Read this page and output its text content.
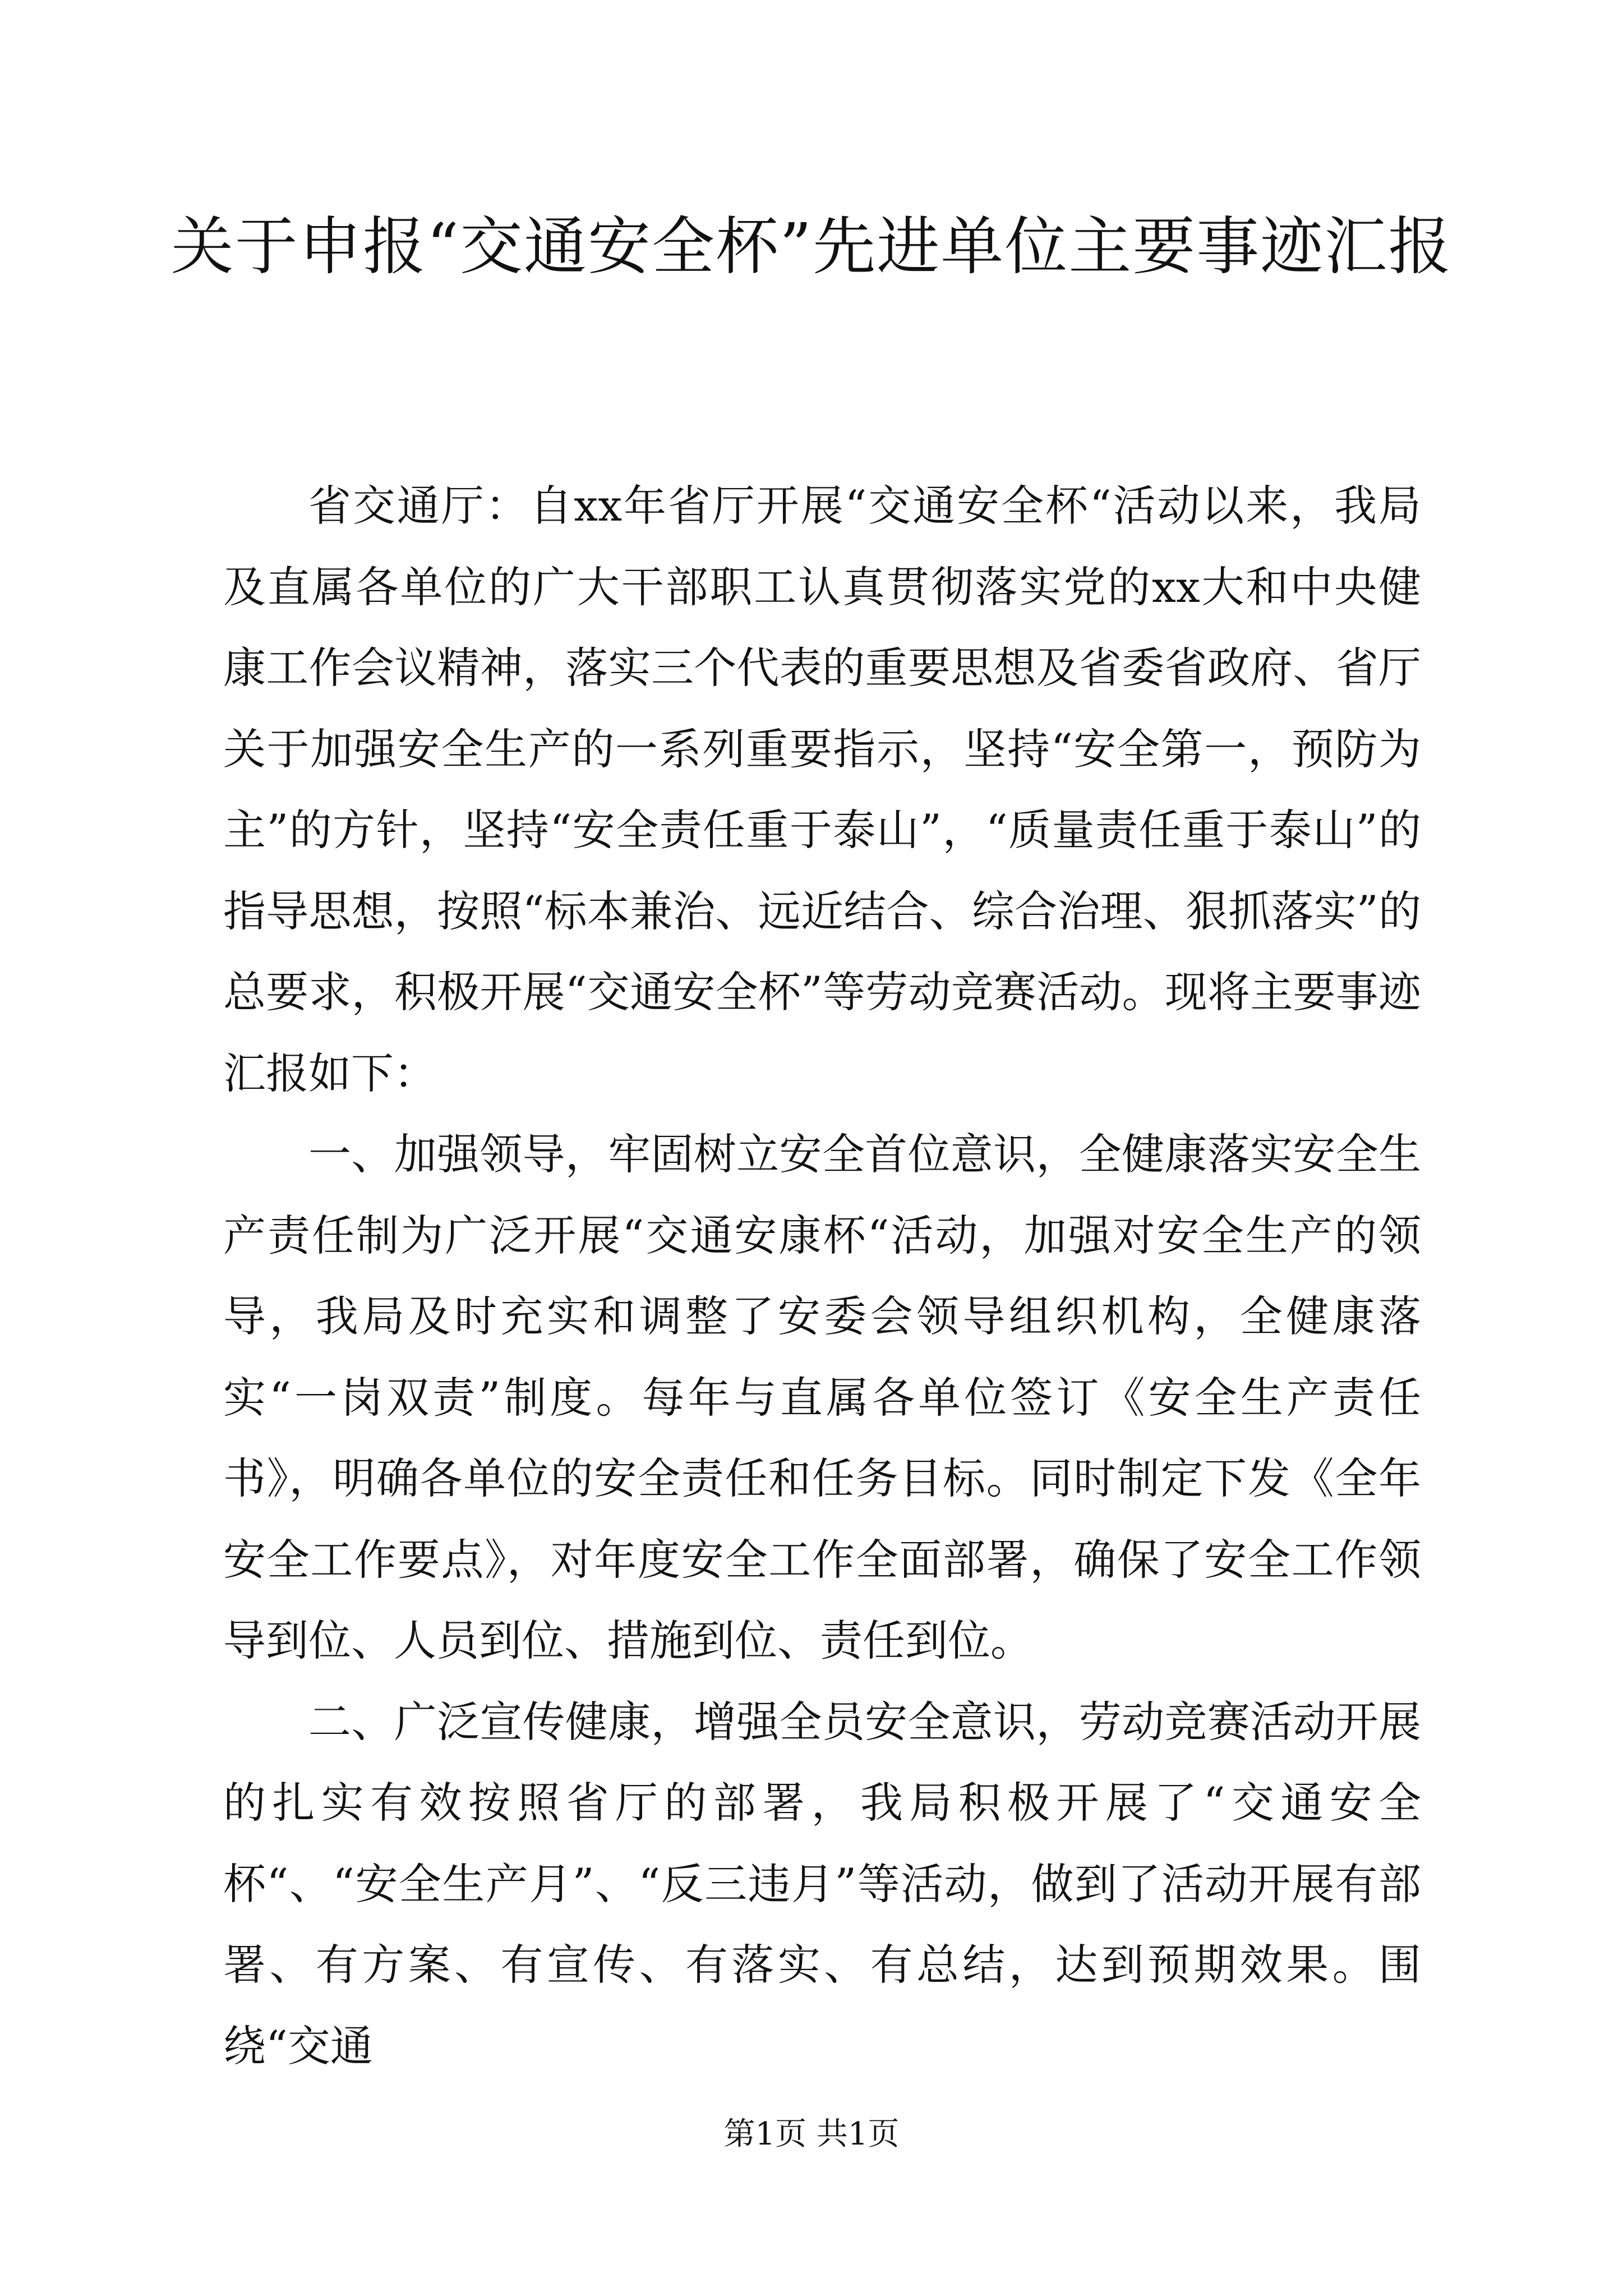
关于申报“交通安全杯”先进单位主要事迹汇报

省交通厅：自xx年省厅开展“交通安全杯“活动以来，我局及直属各单位的广大干部职工认真贯彻落实党的xx大和中央健康工作会议精神，落实三个代表的重要思想及省委省政府、省厅关于加强安全生产的一系列重要指示，坚持“安全第一，预防为主”的方针，坚持“安全责任重于泰山”，“质量责任重于泰山”的指导思想，按照“标本兼治、远近结合、综合治理、狠抓落实”的总要求，积极开展“交通安全杯”等劳动竞赛活动。现将主要事迹汇报如下：

一、加强领导，牢固树立安全首位意识，全健康落实安全生产责任制为广泛开展“交通安康杯“活动，加强对安全生产的领导，我局及时充实和调整了安委会领导组织机构，全健康落实“一岗双责”制度。每年与直属各单位签订《安全生产责任书》，明确各单位的安全责任和任务目标。同时制定下发《全年安全工作要点》，对年度安全工作全面部署，确保了安全工作领导到位、人员到位、措施到位、责任到位。

二、广泛宣传健康，增强全员安全意识，劳动竞赛活动开展的扎实有效按照省厅的部署，我局积极开展了“交通安全杯“、“安全生产月”、“反三违月”等活动，做到了活动开展有部署、有方案、有宣传、有落实、有总结，达到预期效果。围绕“交通

第1页 共1页
